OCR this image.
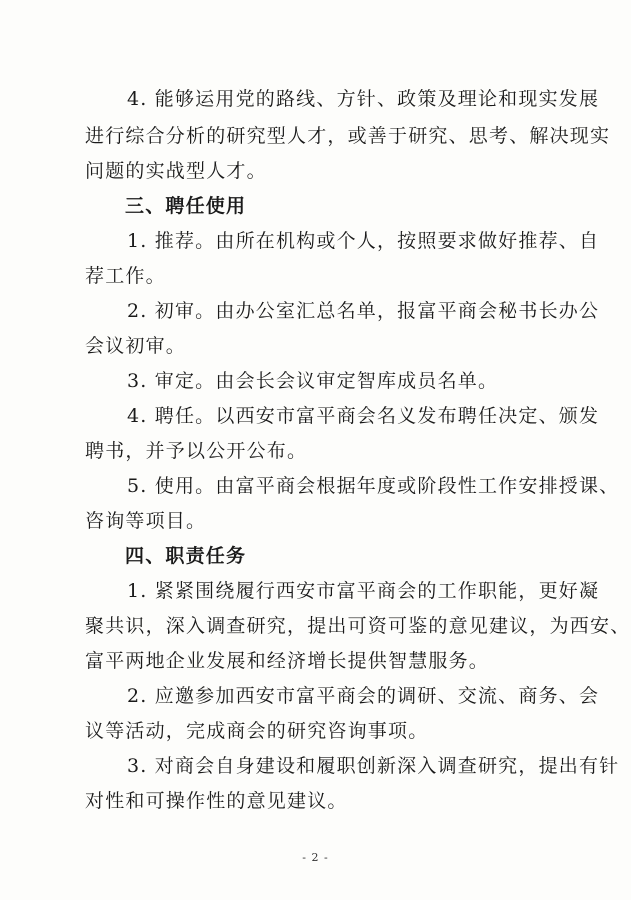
4. 能够运用党的路线、方针、政策及理论和现实发展
进行综合分析的研究型人才，或善于研究、思考、解决现实
问题的实战型人才。
三、聘任使用
1. 推荐。由所在机构或个人，按照要求做好推荐、自
荐工作。
2. 初审。由办公室汇总名单，报富平商会秘书长办公
会议初审。
3. 审定。由会长会议审定智库成员名单。
4. 聘任。以西安市富平商会名义发布聘任决定、颁发
聘书，并予以公开公布。
5. 使用。由富平商会根据年度或阶段性工作安排授课、
咨询等项目。
四、职责任务
1. 紧紧围绕履行西安市富平商会的工作职能，更好凝
聚共识，深入调查研究，提出可资可鉴的意见建议，为西安、
富平两地企业发展和经济增长提供智慧服务。
2. 应邀参加西安市富平商会的调研、交流、商务、会
议等活动，完成商会的研究咨询事项。
3. 对商会自身建设和履职创新深入调查研究，提出有针
对性和可操作性的意见建议。
- 2 -
